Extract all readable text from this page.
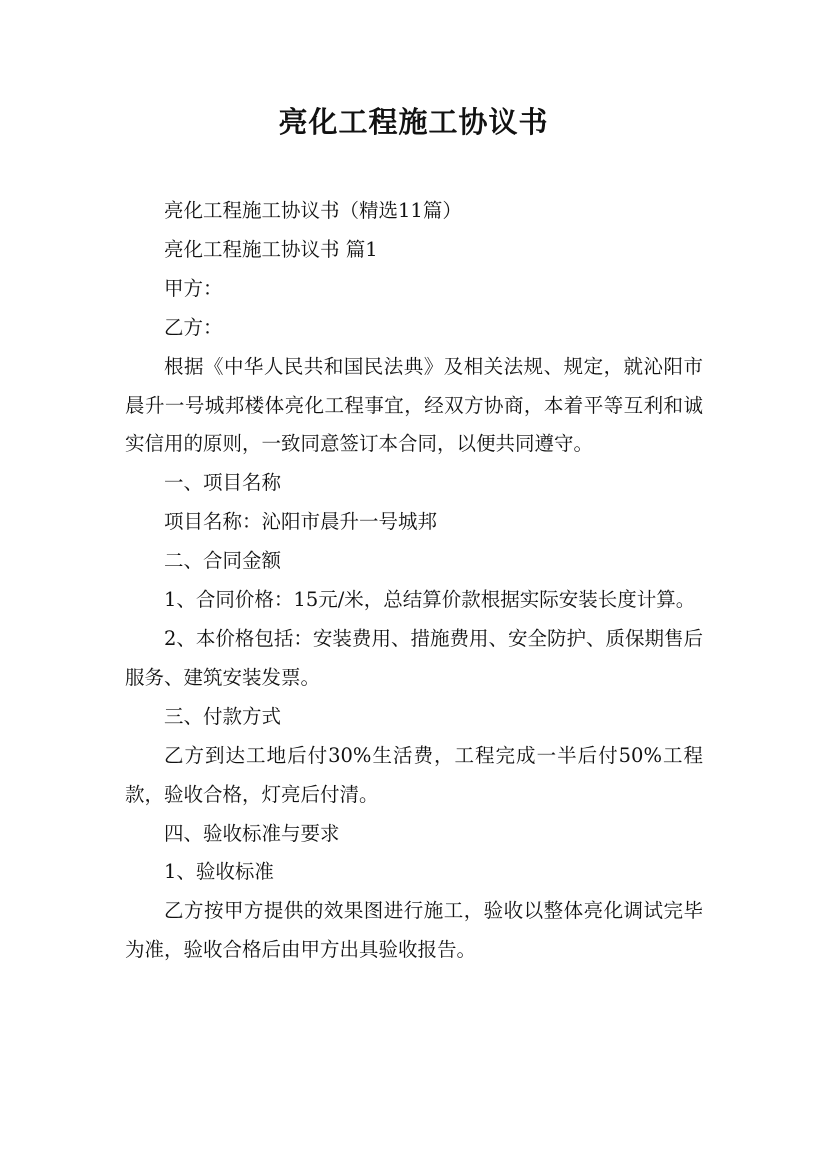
亮化工程施工协议书

亮化工程施工协议书（精选11篇）

亮化工程施工协议书 篇1

甲方：

乙方：

根据《中华人民共和国民法典》及相关法规、规定，就沁阳市晨升一号城邦楼体亮化工程事宜，经双方协商，本着平等互利和诚实信用的原则，一致同意签订本合同，以便共同遵守。

一、项目名称

项目名称：沁阳市晨升一号城邦

二、合同金额

1、合同价格：15元/米，总结算价款根据实际安装长度计算。

2、本价格包括：安装费用、措施费用、安全防护、质保期售后服务、建筑安装发票。

三、付款方式

乙方到达工地后付30%生活费，工程完成一半后付50%工程款，验收合格，灯亮后付清。

四、验收标准与要求

1、验收标准

乙方按甲方提供的效果图进行施工，验收以整体亮化调试完毕为准，验收合格后由甲方出具验收报告。
